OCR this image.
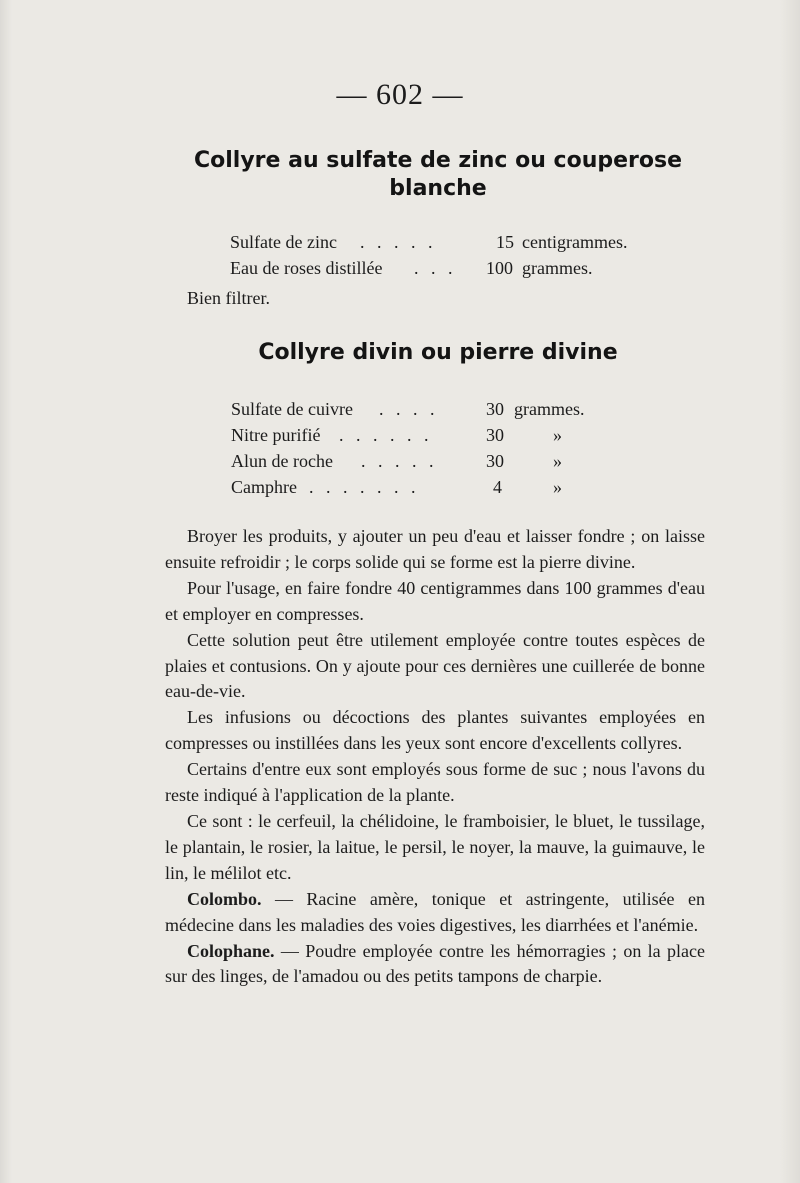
— 602 —
Collyre au sulfate de zinc ou couperose
blanche
Sulfate de zinc . . . . .	15 centigrammes.
Eau de roses distillée . . . 100 grammes.
Bien filtrer.
Collyre divin ou pierre divine
Sulfate de cuivre . . . .	30 grammes.
Nitre purifié . . . . . .	30	»
Alun de roche . . . . .	30	»
Camphre . . . . . . .	4	»

Broyer les produits, y ajouter un peu d'eau et laisser fondre ; on laisse ensuite refroidir ; le corps solide qui se forme est la pierre divine.

Pour l'usage, en faire fondre 40 centigrammes dans 100 grammes d'eau et employer en compresses.

Cette solution peut être utilement employée contre toutes espèces de plaies et contusions. On y ajoute pour ces dernières une cuillerée de bonne eau-de-vie.

Les infusions ou décoctions des plantes suivantes employées en compresses ou instillées dans les yeux sont encore d'excellents collyres.

Certains d'entre eux sont employés sous forme de suc ; nous l'avons du reste indiqué à l'application de la plante.

Ce sont : le cerfeuil, la chélidoine, le framboisier, le bluet, le tussilage, le plantain, le rosier, la laitue, le persil, le noyer, la mauve, la guimauve, le lin, le mélilot etc.

Colombo. — Racine amère, tonique et astringente, utilisée en médecine dans les maladies des voies digestives, les diarrhées et l'anémie.

Colophane. — Poudre employée contre les hémorragies ; on la place sur des linges, de l'amadou ou des petits tampons de charpie.
